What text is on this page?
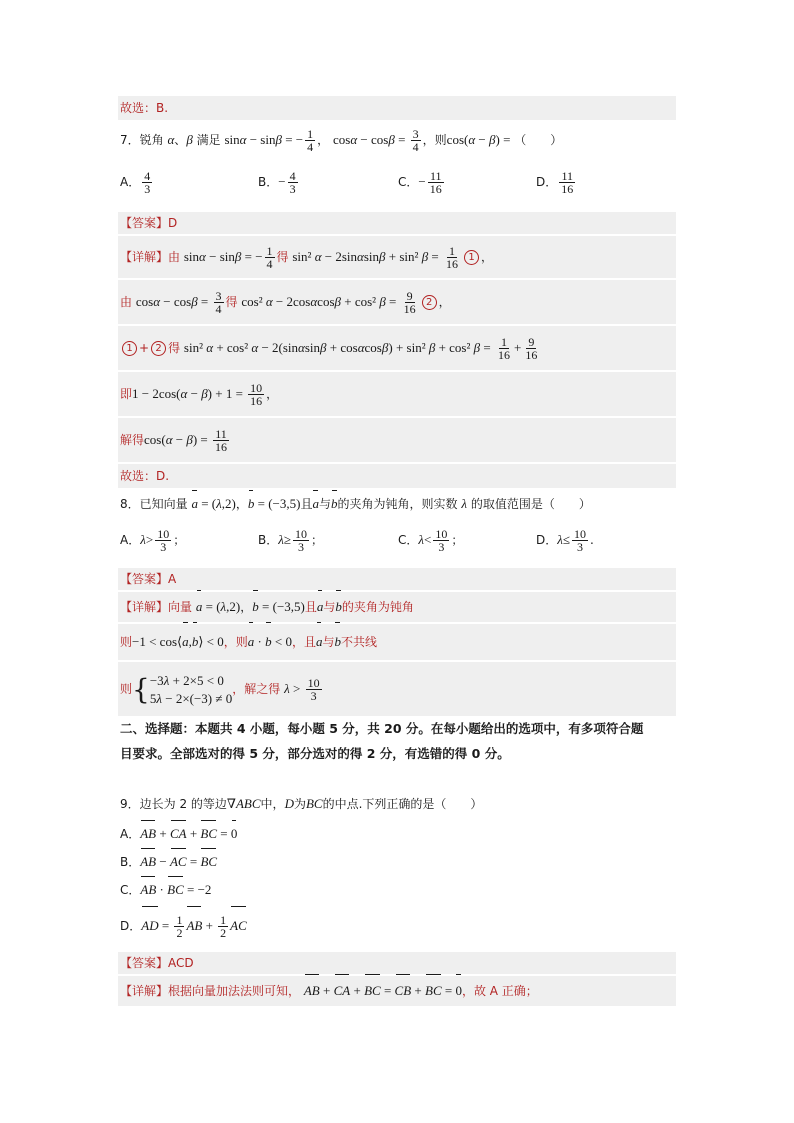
故选：B.
7．锐角 α、β 满足 sinα − sinβ = − $\frac{1}{4}$ ， $\cos\alpha - \cos\beta = \frac{3}{4}$ ，则cos(α − β) = （　　）
A． $\frac{4}{3}$	B．− $\frac{4}{3}$	C．− $\frac{11}{16}$	D． $\frac{11}{16}$
【答案】D
【详解】由 sinα − sinβ = − $\frac{1}{4}$ 得 sin² α − 2sinαsinβ + sin² $\beta = \frac{1}{16} 1$ ，
由 $\cos\alpha - \cos\beta = \frac{3}{4}$ 得 cos² α − 2cosαcosβ + cos² $\beta = \frac{9}{16} 2$ ，
1 + 2 得 sin² α + cos² α − 2(sinαsinβ + cosαcosβ) + sin² β + cos² $\beta = \frac{1}{16} + \frac{9}{16}$
即$1 - 2\cos(\alpha - \beta) + 1 = \frac{10}{16}$ ，
解得$\cos(\alpha - \beta) = \frac{11}{16}$
故选：D.
8．已知向量 a = (λ,2)，b = (−3,5)且a与b的夹角为钝角，则实数 λ 的取值范围是（　　）
A．$\lambda> \frac{10}{3}$ ；	B．$\lambda\ge \frac{10}{3}$ ；	C．$\lambda< \frac{10}{3}$ ；	D．$\lambda\le \frac{10}{3}$ .
【答案】A
【详解】向量 a = (λ,2)，b = (−3,5)且a与b的夹角为钝角
则−1 < cos⟨a,b⟩ < 0，则a · b < 0，且a与b不共线
则{ −3λ + 2×5 < 0
5λ − 2×(−3) ≠ 0
，解之得 $\lambda > \frac{10}{3}$
二、选择题：本题共 4 小题，每小题 5 分，共 20 分。在每小题给出的选项中，有多项符合题
目要求。全部选对的得 5 分，部分选对的得 2 分，有选错的得 0 分。
9．边长为 2 的等边∇ABC中，D为BC的中点.下列正确的是（　　）
A．AB + CA + BC = 0
B．AB − AC = BC
C．AB · BC = −2
D．AD = $\frac{1}{2}$ AB + $\frac{1}{2}$ AC
【答案】ACD
【详解】根据向量加法法则可知， AB + CA + BC = CB + BC = 0，故 A 正确；
